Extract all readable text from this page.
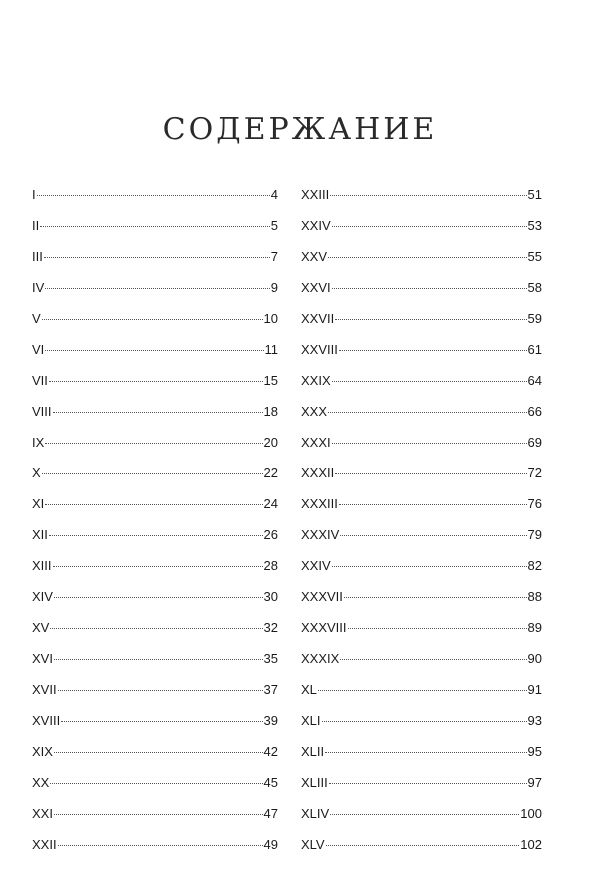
СОДЕРЖАНИЕ
I	4
II	5
III	7
IV	9
V	10
VI	11
VII	15
VIII	18
IX	20
X	22
XI	24
XII	26
XIII	28
XIV	30
XV	32
XVI	35
XVII	37
XVIII	39
XIX	42
XX	45
XXI	47
XXII	49
XXIII	51
XXIV	53
XXV	55
XXVI	58
XXVII	59
XXVIII	61
XXIX	64
XXX	66
XXXI	69
XXXII	72
XXXIII	76
XXXIV	79
XXIV	82
XXXVII	88
XXXVIII	89
XXXIX	90
XL	91
XLI	93
XLII	95
XLIII	97
XLIV	100
XLV	102
